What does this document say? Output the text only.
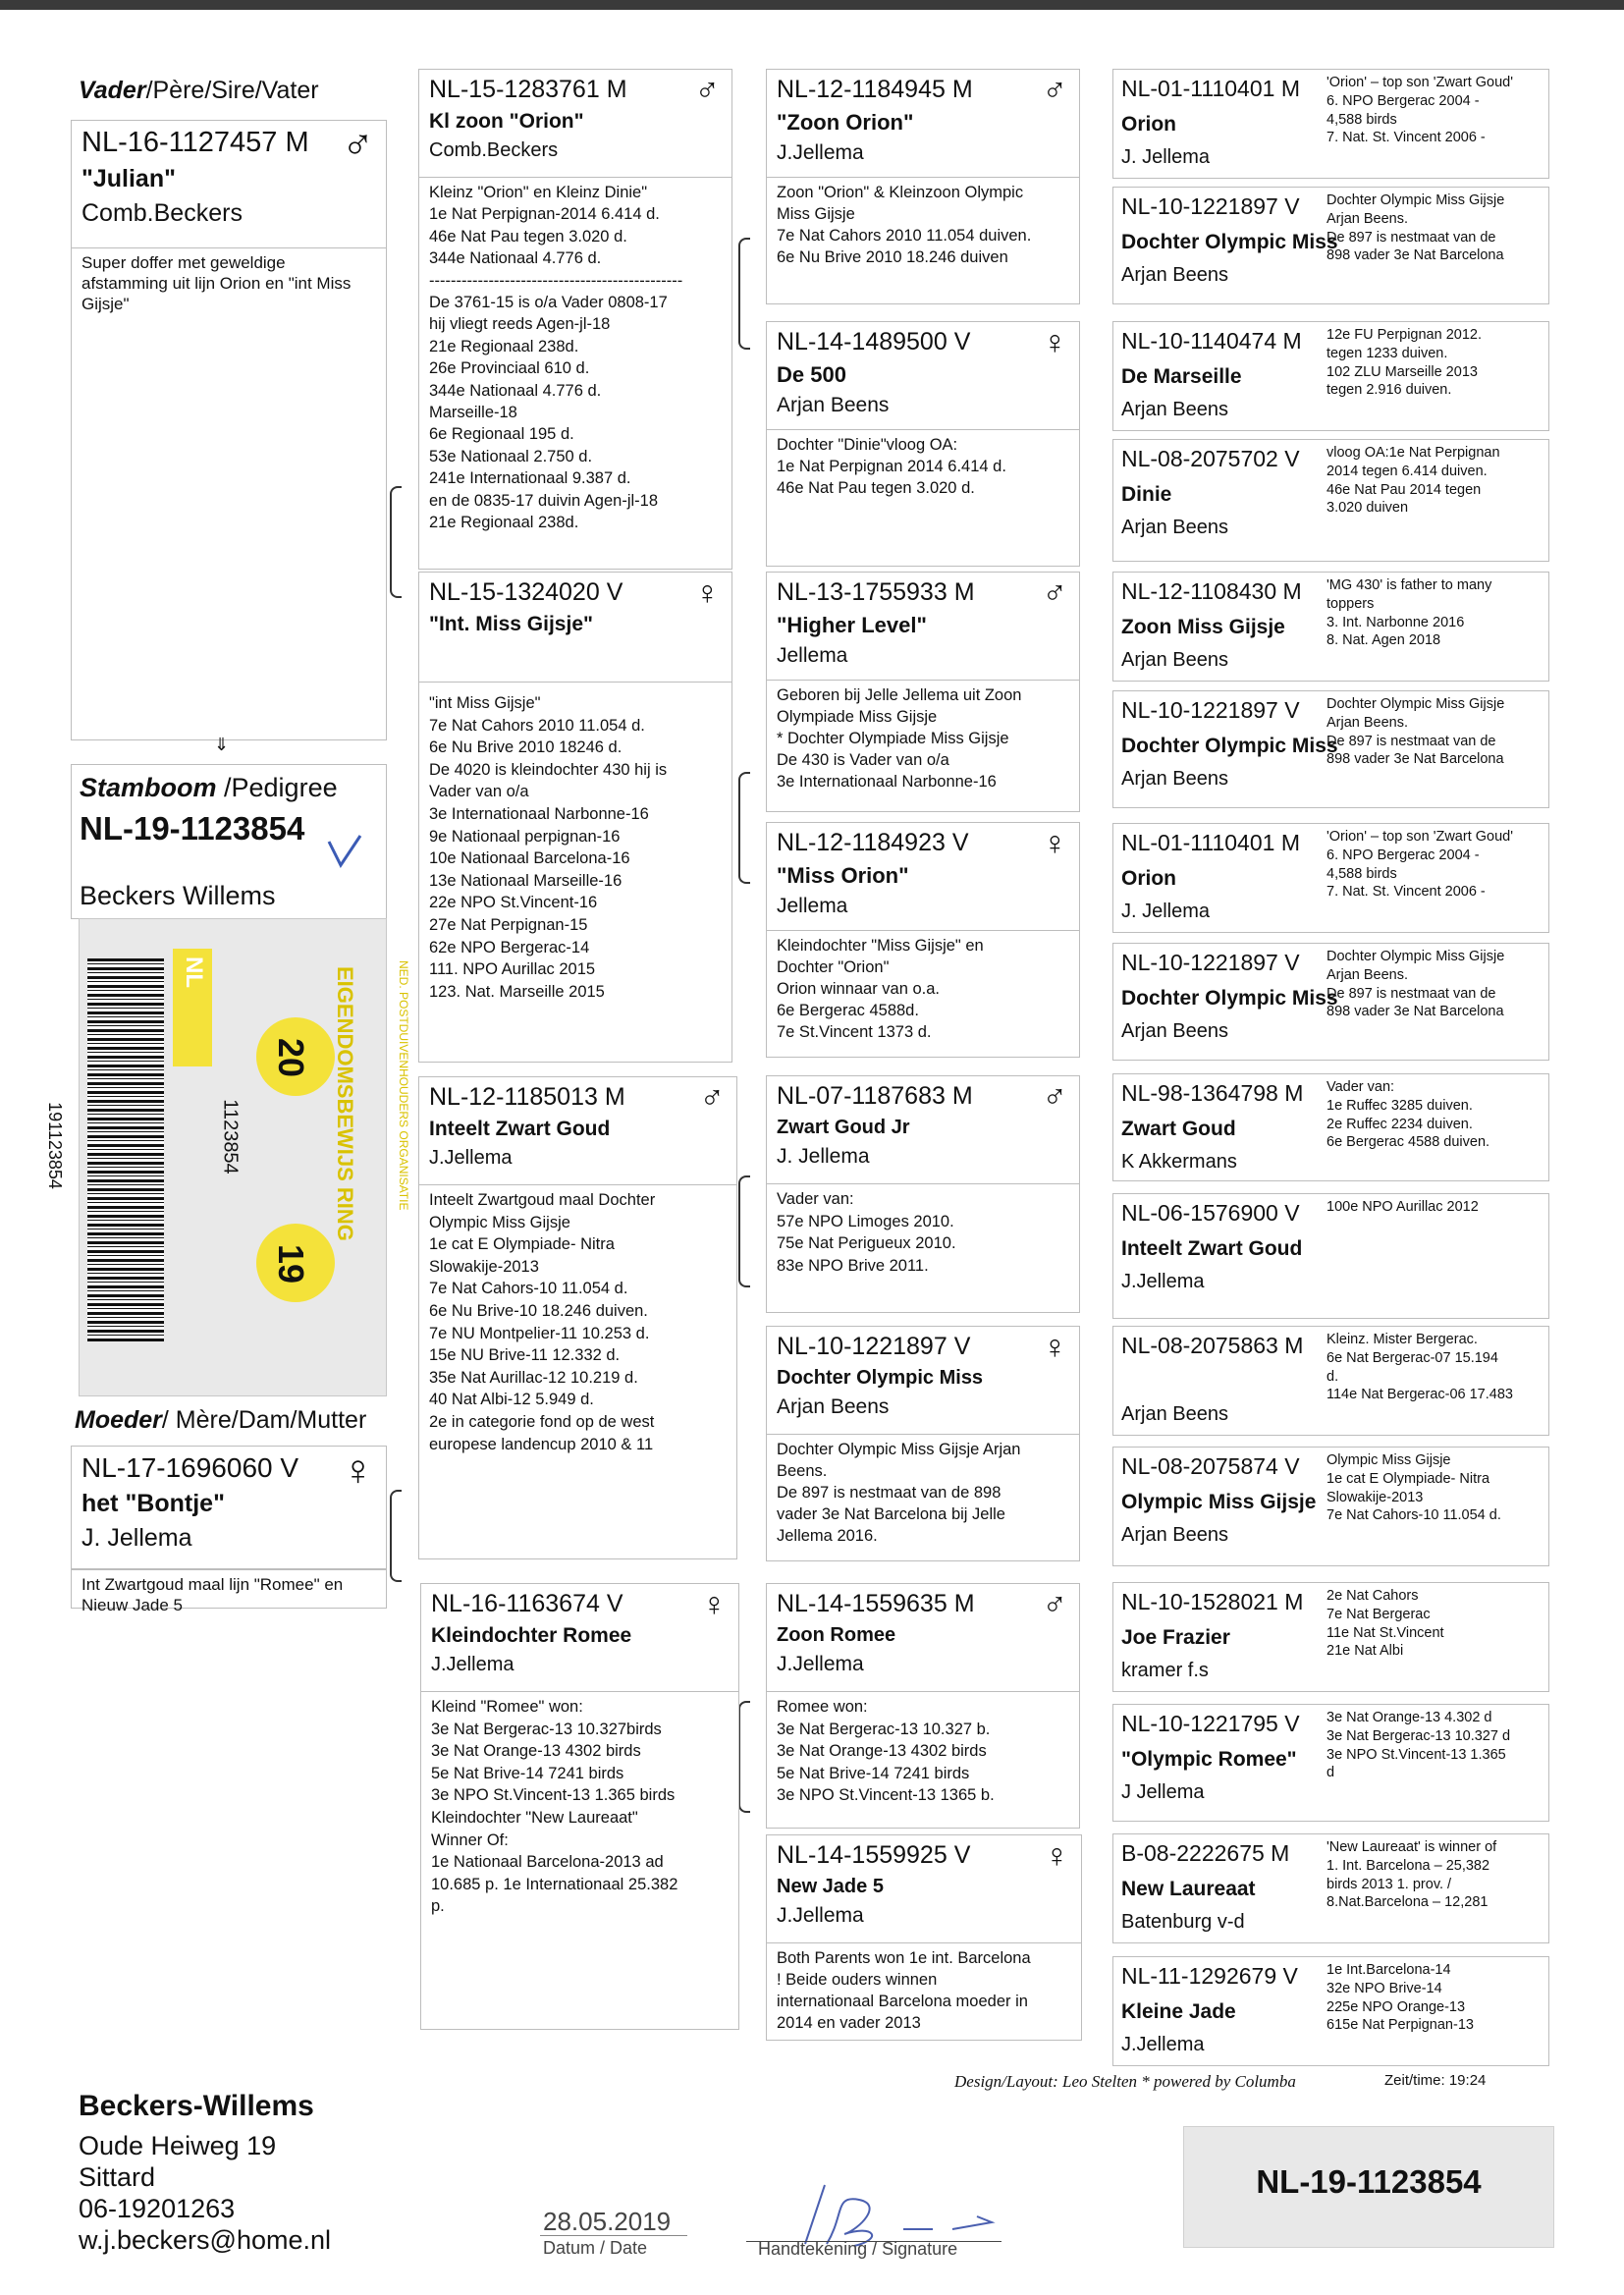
Vader/Père/Sire/Vater
NL-16-1127457 M ♂
"Julian"
Comb.Beckers
Super doffer met geweldige afstamming uit lijn Orion en "int Miss Gijsje"
⇓
Stamboom /Pedigree
NL-19-1123854
Beckers Willems
191123854
NL
20
19
1123854	EIGENDOMSBEWIJS RING	NED. POSTDUIVENHOUDERS ORGANISATIE
Moeder/ Mère/Dam/Mutter
NL-17-1696060 V ♀
het "Bontje"
J. Jellema
Int Zwartgoud maal lijn "Romee" en Nieuw Jade 5
NL-15-1283761 M	♂
Kl zoon "Orion"
Comb.Beckers
Kleinz "Orion" en Kleinz Dinie"
1e Nat Perpignan-2014 6.414 d.
46e Nat Pau tegen 3.020 d.
344e Nationaal 4.776 d.
-----------------------------------------------
De 3761-15 is o/a Vader 0808-17
hij vliegt reeds Agen-jl-18
21e Regionaal 238d.
26e Provinciaal 610 d.
344e Nationaal 4.776 d.
Marseille-18
6e Regionaal 195 d.
53e Nationaal 2.750 d.
241e Internationaal 9.387 d.
en de 0835-17 duivin Agen-jl-18
21e Regionaal 238d.
NL-15-1324020 V	♀
"Int. Miss Gijsje"
"int Miss Gijsje"
7e Nat Cahors 2010 11.054 d.
6e Nu Brive 2010 18246 d.
De 4020 is kleindochter 430 hij is
Vader van o/a
3e Internationaal Narbonne-16
9e Nationaal perpignan-16
10e Nationaal Barcelona-16
13e Nationaal Marseille-16
22e NPO St.Vincent-16
27e Nat Perpignan-15
62e NPO Bergerac-14
111. NPO Aurillac 2015
123. Nat. Marseille 2015
NL-12-1185013 M	♂
Inteelt Zwart Goud
J.Jellema
Inteelt Zwartgoud maal Dochter
Olympic Miss Gijsje
1e cat E Olympiade- Nitra
Slowakije-2013
7e Nat Cahors-10 11.054 d.
6e Nu Brive-10 18.246 duiven.
7e NU Montpelier-11 10.253 d.
15e NU Brive-11 12.332 d.
35e Nat Aurillac-12 10.219 d.
40 Nat Albi-12 5.949 d.
2e in categorie fond op de west
europese landencup 2010 & 11
NL-16-1163674 V	♀
Kleindochter Romee
J.Jellema
Kleind "Romee" won:
3e Nat Bergerac-13 10.327birds
3e Nat Orange-13 4302 birds
5e Nat Brive-14 7241 birds
3e NPO St.Vincent-13 1.365 birds
Kleindochter "New Laureaat"
Winner Of:
1e Nationaal Barcelona-2013 ad
10.685 p. 1e Internationaal 25.382
p.
NL-12-1184945 M	♂
"Zoon Orion"
J.Jellema
Zoon "Orion" & Kleinzoon Olympic
Miss Gijsje
7e Nat Cahors 2010 11.054 duiven.
6e Nu Brive 2010 18.246 duiven
NL-14-1489500 V	♀
De 500
Arjan Beens
Dochter "Dinie"vloog OA:
1e Nat Perpignan 2014 6.414 d.
46e Nat Pau tegen 3.020 d.
NL-13-1755933 M	♂
"Higher Level"
Jellema
Geboren bij Jelle Jellema uit Zoon
Olympiade Miss Gijsje
* Dochter Olympiade Miss Gijsje
De 430 is Vader van o/a
3e Internationaal Narbonne-16
NL-12-1184923 V	♀
"Miss Orion"
Jellema
Kleindochter "Miss Gijsje" en
Dochter "Orion"
Orion winnaar van o.a.
6e Bergerac 4588d.
7e St.Vincent 1373 d.
NL-07-1187683 M	♂
Zwart Goud Jr
J. Jellema
Vader van:
57e NPO Limoges 2010.
75e Nat Perigueux 2010.
83e NPO Brive 2011.
NL-10-1221897 V	♀
Dochter Olympic Miss
Arjan Beens
Dochter Olympic Miss Gijsje Arjan
Beens.
De 897 is nestmaat van de 898
vader 3e Nat Barcelona bij Jelle
Jellema 2016.
NL-14-1559635 M	♂
Zoon Romee
J.Jellema
Romee won:
3e Nat Bergerac-13 10.327 b.
3e Nat Orange-13 4302 birds
5e Nat Brive-14 7241 birds
3e NPO St.Vincent-13 1365 b.
NL-14-1559925 V	♀
New Jade 5
J.Jellema
Both Parents won 1e int. Barcelona
! Beide ouders winnen
internationaal Barcelona moeder in
2014 en vader 2013
NL-01-1110401 M
Orion
J. Jellema
'Orion' – top son 'Zwart Goud'
6. NPO Bergerac 2004 -
4,588 birds
7. Nat. St. Vincent 2006 -
NL-10-1221897 V
Dochter Olympic Miss
Arjan Beens
Dochter Olympic Miss Gijsje
Arjan Beens.
De 897 is nestmaat van de
898 vader 3e Nat Barcelona
NL-10-1140474 M
De Marseille
Arjan Beens
12e FU Perpignan 2012.
tegen 1233 duiven.
102 ZLU Marseille 2013
tegen 2.916 duiven.
NL-08-2075702 V
Dinie
Arjan Beens
vloog OA:1e Nat Perpignan
2014 tegen 6.414 duiven.
46e Nat Pau 2014 tegen
3.020 duiven
NL-12-1108430 M
Zoon Miss Gijsje
Arjan Beens
'MG 430' is father to many
toppers
3. Int. Narbonne 2016
8. Nat. Agen 2018
NL-10-1221897 V
Dochter Olympic Miss
Arjan Beens
Dochter Olympic Miss Gijsje
Arjan Beens.
De 897 is nestmaat van de
898 vader 3e Nat Barcelona
NL-01-1110401 M
Orion
J. Jellema
'Orion' – top son 'Zwart Goud'
6. NPO Bergerac 2004 -
4,588 birds
7. Nat. St. Vincent 2006 -
NL-10-1221897 V
Dochter Olympic Miss
Arjan Beens
Dochter Olympic Miss Gijsje
Arjan Beens.
De 897 is nestmaat van de
898 vader 3e Nat Barcelona
NL-98-1364798 M
Zwart Goud
K Akkermans
Vader van:
1e Ruffec 3285 duiven.
2e Ruffec 2234 duiven.
6e Bergerac 4588 duiven.
NL-06-1576900 V
Inteelt Zwart Goud
J.Jellema
100e NPO Aurillac 2012
NL-08-2075863 M
Arjan Beens
Kleinz. Mister Bergerac.
6e Nat Bergerac-07 15.194
d.
114e Nat Bergerac-06 17.483
NL-08-2075874 V
Olympic Miss Gijsje
Arjan Beens
Olympic Miss Gijsje
1e cat E Olympiade- Nitra
Slowakije-2013
7e Nat Cahors-10 11.054 d.
NL-10-1528021 M
Joe Frazier
kramer f.s
2e Nat Cahors
7e Nat Bergerac
11e Nat St.Vincent
21e Nat Albi
NL-10-1221795 V
"Olympic Romee"
J Jellema
3e Nat Orange-13 4.302 d
3e Nat Bergerac-13 10.327 d
3e NPO St.Vincent-13 1.365
d
B-08-2222675 M
New Laureaat
Batenburg v-d
'New Laureaat' is winner of
1. Int. Barcelona – 25,382
birds 2013 1. prov. /
8.Nat.Barcelona – 12,281
NL-11-1292679 V
Kleine Jade
J.Jellema
1e Int.Barcelona-14
32e NPO Brive-14
225e NPO Orange-13
615e Nat Perpignan-13
Design/Layout: Leo Stelten * powered by Columba	Zeit/time: 19:24
Beckers-Willems
Oude Heiweg 19
Sittard
06-19201263
w.j.beckers@home.nl
28.05.2019
Datum / Date	Handtekening / Signature
NL-19-1123854
